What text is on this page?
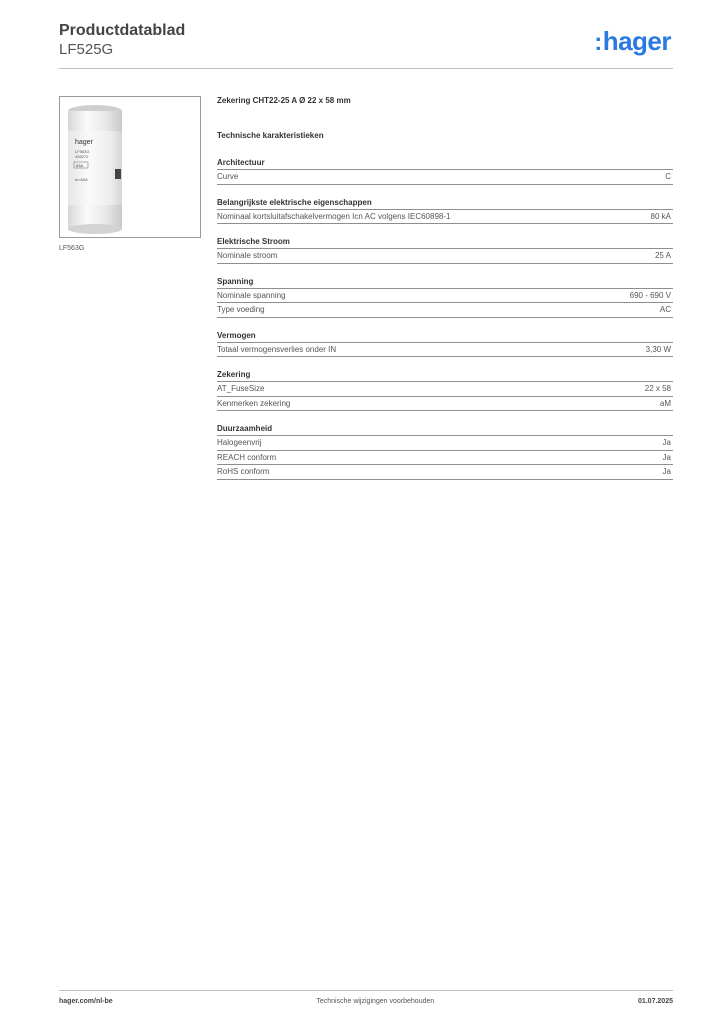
Productdatablad
LF525G	:hager
hager
LF563G
406272
63A
In=63A
LF563G
Zekering CHT22-25 A Ø 22 x 58 mm
Technische karakteristieken
Architectuur
Curve	C
Belangrijkste elektrische eigenschappen
Nominaal kortsluitafschakelvermogen Icn AC volgens IEC60898-1	80 kA
Elektrische Stroom
Nominale stroom	25 A
Spanning
Nominale spanning	690 - 690 V
Type voeding	AC
Vermogen
Totaal vermogensverlies onder IN	3,30 W
Zekering
AT_FuseSize	22 x 58
Kenmerken zekering	aM
Duurzaamheid
Halogeenvrij	Ja
REACH conform	Ja
RoHS conform	Ja
hager.com/nl-be	Technische wijzigingen voorbehouden	01.07.2025
